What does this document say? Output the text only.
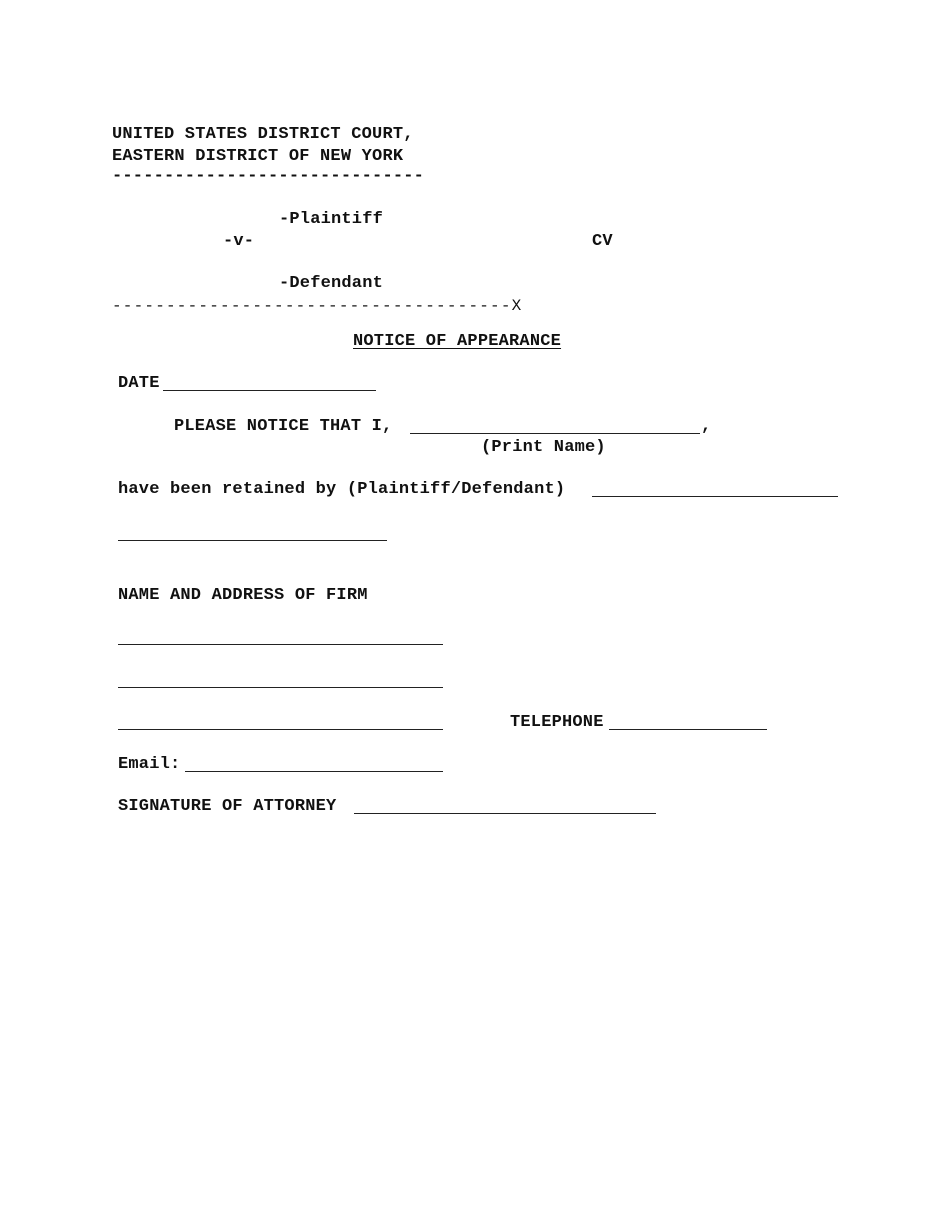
UNITED STATES DISTRICT COURT,
EASTERN DISTRICT OF NEW YORK
------------------------------
-Plaintiff
-v-	CV
-Defendant
-------------------------------------X
NOTICE OF APPEARANCE
DATE
PLEASE NOTICE THAT I,	,
(Print Name)
have been retained by (Plaintiff/Defendant)
NAME AND ADDRESS OF FIRM
TELEPHONE
Email:
SIGNATURE OF ATTORNEY
